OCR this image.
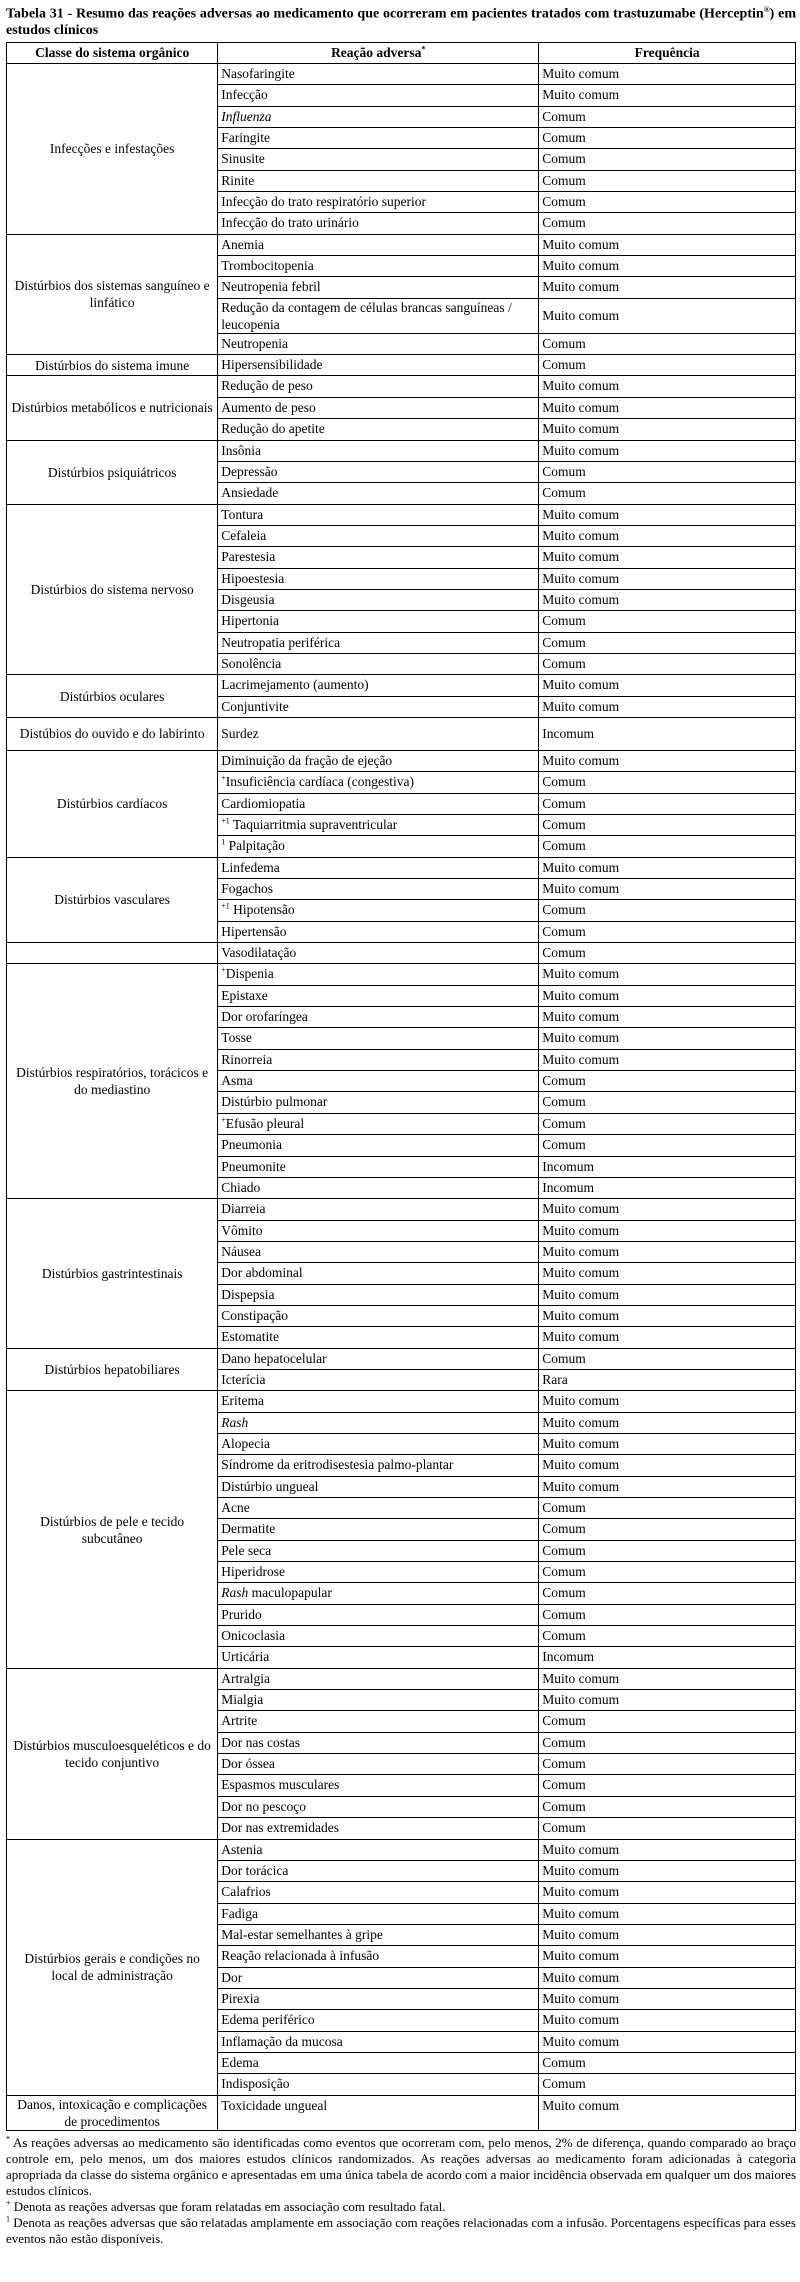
Tabela 31 - Resumo das reações adversas ao medicamento que ocorreram em pacientes tratados com trastuzumabe (Herceptin®) em estudos clínicos
Classe do sistema orgânico	Reação adversa*	Frequência
Infecções e infestações	Nasofaringite	Muito comum
	Infecção	Muito comum
	Influenza	Comum
	Faringite	Comum
	Sinusite	Comum
	Rinite	Comum
	Infecção do trato respiratório superior	Comum
	Infecção do trato urinário	Comum
Distúrbios dos sistemas sanguíneo e linfático	Anemia	Muito comum
	Trombocitopenia	Muito comum
	Neutropenia febril	Muito comum
	Redução da contagem de células brancas sanguíneas / leucopenia	Muito comum
	Neutropenia	Comum
Distúrbios do sistema imune	Hipersensibilidade	Comum
Distúrbios metabólicos e nutricionais	Redução de peso	Muito comum
	Aumento de peso	Muito comum
	Redução do apetite	Muito comum
Distúrbios psiquiátricos	Insônia	Muito comum
	Depressão	Comum
	Ansiedade	Comum
Distúrbios do sistema nervoso	Tontura	Muito comum
	Cefaleia	Muito comum
	Parestesia	Muito comum
	Hipoestesia	Muito comum
	Disgeusia	Muito comum
	Hipertonia	Comum
	Neutropatia periférica	Comum
	Sonolência	Comum
Distúrbios oculares	Lacrimejamento (aumento)	Muito comum
	Conjuntivite	Muito comum
Distúbios do ouvido e do labirinto	Surdez	Incomum
Distúrbios cardíacos	Diminuição da fração de ejeção	Muito comum
	+Insuficiência cardíaca (congestiva)	Comum
	Cardiomiopatia	Comum
	$^{+1}$ Taquiarritmia supraventricular	Comum
	$^1$ Palpitação	Comum
Distúrbios vasculares	Linfedema	Muito comum
	Fogachos	Muito comum
	$^{+1}$ Hipotensão	Comum
	Hipertensão	Comum
	Vasodilatação	Comum
Distúrbios respiratórios, torácicos e do mediastino	+Dispenia	Muito comum
	Epistaxe	Muito comum
	Dor orofaríngea	Muito comum
	Tosse	Muito comum
	Rinorreia	Muito comum
	Asma	Comum
	Distúrbio pulmonar	Comum
	+Efusão pleural	Comum
	Pneumonia	Comum
	Pneumonite	Incomum
	Chiado	Incomum
Distúrbios gastrintestinais	Diarreia	Muito comum
	Vômito	Muito comum
	Náusea	Muito comum
	Dor abdominal	Muito comum
	Dispepsia	Muito comum
	Constipação	Muito comum
	Estomatite	Muito comum
Distúrbios hepatobiliares	Dano hepatocelular	Comum
	Icterícia	Rara
Distúrbios de pele e tecido subcutâneo	Eritema	Muito comum
	Rash	Muito comum
	Alopecia	Muito comum
	Síndrome da eritrodisestesia palmo-plantar	Muito comum
	Distúrbio ungueal	Muito comum
	Acne	Comum
	Dermatite	Comum
	Pele seca	Comum
	Hiperidrose	Comum
	Rash maculopapular	Comum
	Prurido	Comum
	Onicoclasia	Comum
	Urticária	Incomum
Distúrbios musculoesqueléticos e do tecido conjuntivo	Artralgia	Muito comum
	Mialgia	Muito comum
	Artrite	Comum
	Dor nas costas	Comum
	Dor óssea	Comum
	Espasmos musculares	Comum
	Dor no pescoço	Comum
	Dor nas extremidades	Comum
Distúrbios gerais e condições no local de administração	Astenia	Muito comum
	Dor torácica	Muito comum
	Calafrios	Muito comum
	Fadiga	Muito comum
	Mal-estar semelhantes à gripe	Muito comum
	Reação relacionada à infusão	Muito comum
	Dor	Muito comum
	Pirexia	Muito comum
	Edema periférico	Muito comum
	Inflamação da mucosa	Muito comum
	Edema	Comum
	Indisposição	Comum
Danos, intoxicação e complicações de procedimentos	Toxicidade ungueal	Muito comum

* As reações adversas ao medicamento são identificadas como eventos que ocorreram com, pelo menos, 2% de diferença, quando comparado ao braço controle em, pelo menos, um dos maiores estudos clínicos randomizados. As reações adversas ao medicamento foram adicionadas à categoria apropriada da classe do sistema orgânico e apresentadas em uma única tabela de acordo com a maior incidência observada em qualquer um dos maiores estudos clínicos.

+ Denota as reações adversas que foram relatadas em associação com resultado fatal.

$^1$ Denota as reações adversas que são relatadas amplamente em associação com reações relacionadas com a infusão. Porcentagens específicas para esses eventos não estão disponíveis.
